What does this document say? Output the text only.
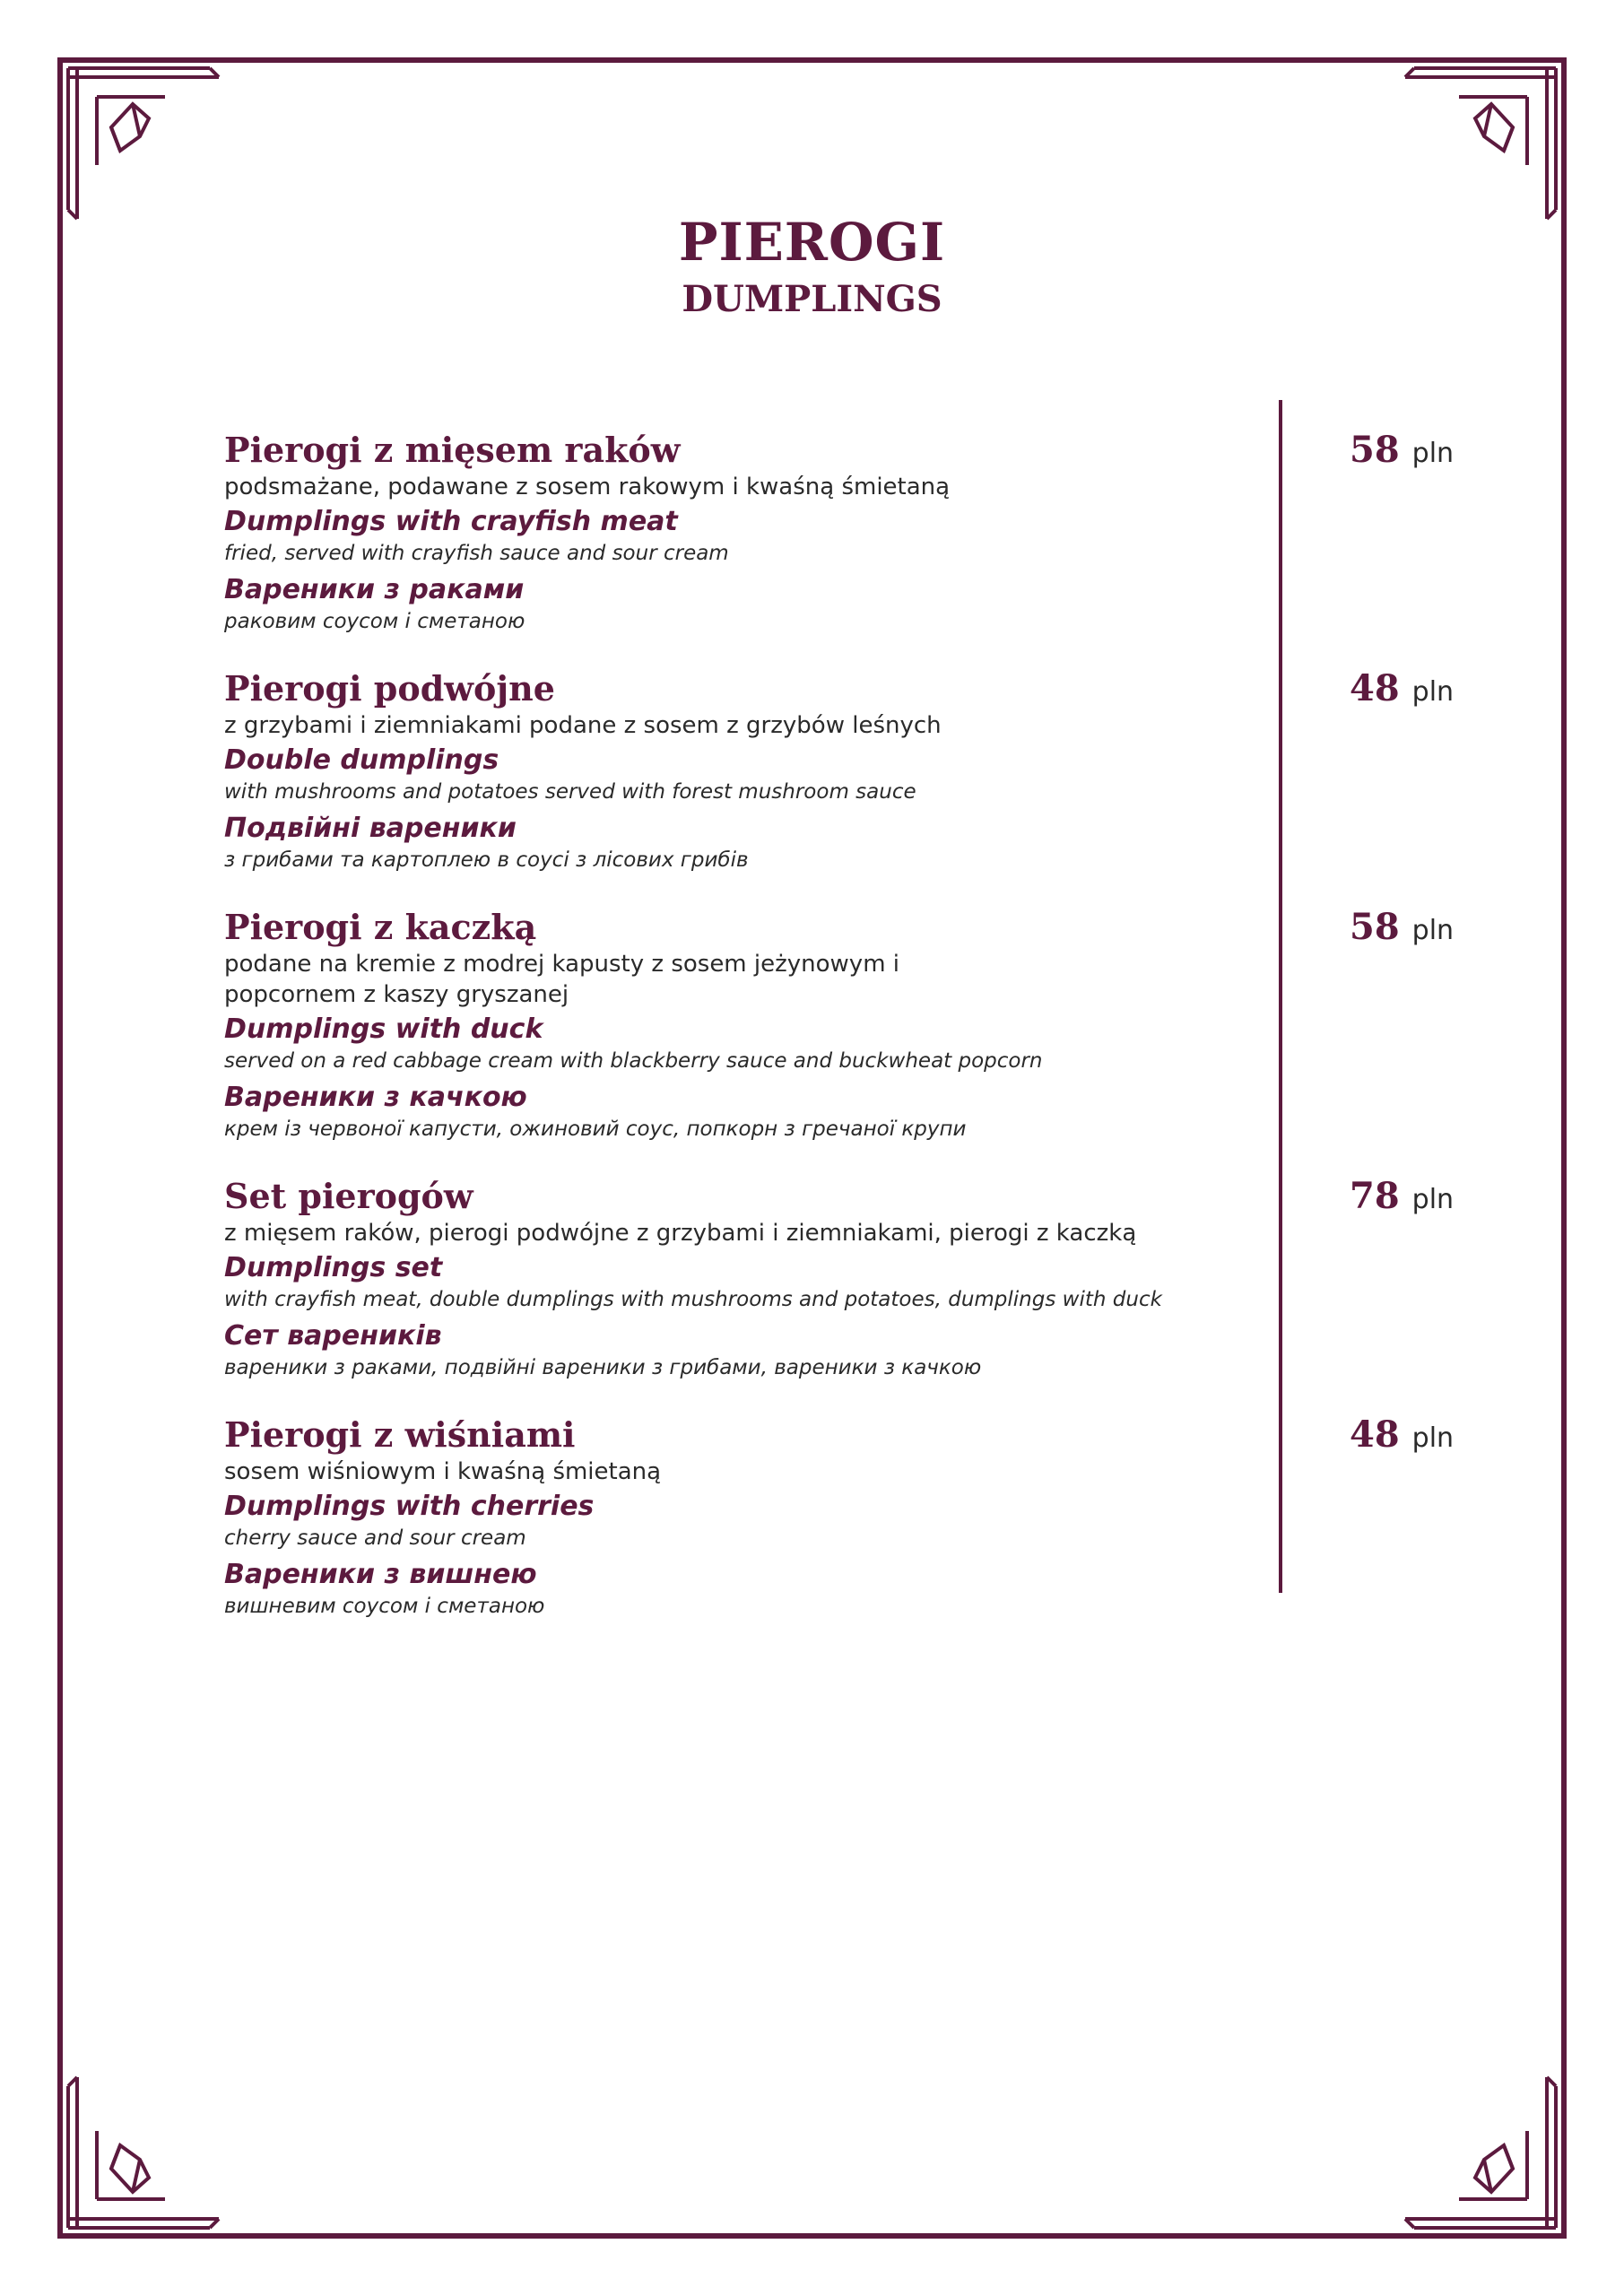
PIEROGI
DUMPLINGS
Pierogi z mięsem raków
podsmażane, podawane z sosem rakowym i kwaśną śmietaną
Dumplings with crayfish meat
fried, served with crayfish sauce and sour cream
Вареники з раками
раковим соусом і сметаною
58 pln
Pierogi podwójne
z grzybami i ziemniakami podane z sosem z grzybów leśnych
Double dumplings
with mushrooms and potatoes served with forest mushroom sauce
Подвійні вареники
з грибами та картоплею в соусі з лісових грибів
48 pln
Pierogi z kaczką
podane na kremie z modrej kapusty z sosem jeżynowym i popcornem z kaszy gryszanej
Dumplings with duck
served on a red cabbage cream with blackberry sauce and buckwheat popcorn
Вареники з качкою
крем із червоної капусти, ожиновий соус, попкорн з гречаної крупи
58 pln
Set pierogów
z mięsem raków, pierogi podwójne z grzybami i ziemniakami, pierogi z kaczką
Dumplings set
with crayfish meat, double dumplings with mushrooms and potatoes, dumplings with duck
Сет вареників
вареники з раками, подвійні вареники з грибами, вареники з качкою
78 pln
Pierogi z wiśniami
sosem wiśniowym i kwaśną śmietaną
Dumplings with cherries
cherry sauce and sour cream
Вареники з вишнею
вишневим соусом і сметаною
48 pln
